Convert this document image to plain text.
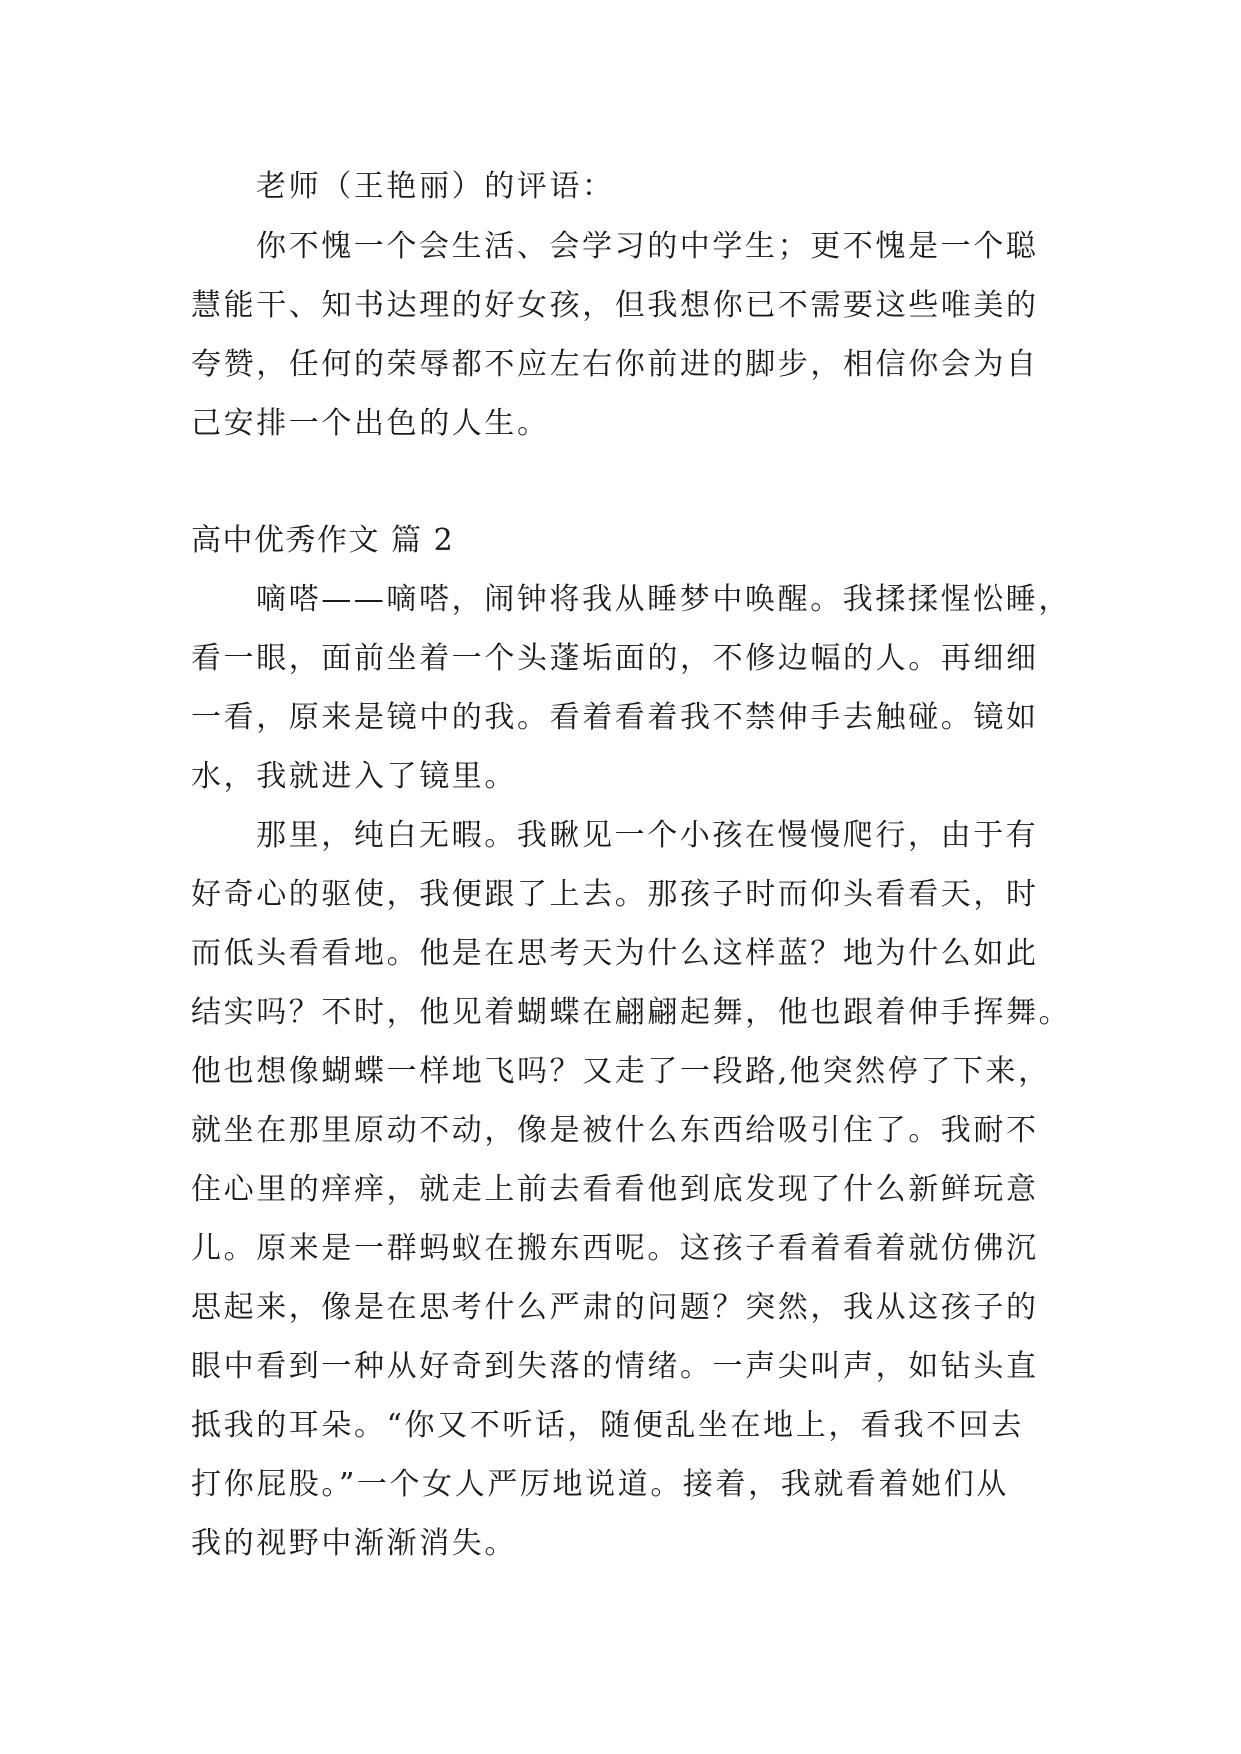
老师（王艳丽）的评语：
你不愧一个会生活、会学习的中学生；更不愧是一个聪
慧能干、知书达理的好女孩，但我想你已不需要这些唯美的
夸赞，任何的荣辱都不应左右你前进的脚步，相信你会为自
己安排一个出色的人生。
高中优秀作文 篇 2
嘀嗒——嘀嗒，闹钟将我从睡梦中唤醒。我揉揉惺忪睡，
看一眼，面前坐着一个头蓬垢面的，不修边幅的人。再细细
一看，原来是镜中的我。看着看着我不禁伸手去触碰。镜如
水，我就进入了镜里。
那里，纯白无暇。我瞅见一个小孩在慢慢爬行，由于有
好奇心的驱使，我便跟了上去。那孩子时而仰头看看天，时
而低头看看地。他是在思考天为什么这样蓝？地为什么如此
结实吗？不时，他见着蝴蝶在翩翩起舞，他也跟着伸手挥舞。
他也想像蝴蝶一样地飞吗？又走了一段路,他突然停了下来，
就坐在那里原动不动，像是被什么东西给吸引住了。我耐不
住心里的痒痒，就走上前去看看他到底发现了什么新鲜玩意
儿。原来是一群蚂蚁在搬东西呢。这孩子看着看着就仿佛沉
思起来，像是在思考什么严肃的问题？突然，我从这孩子的
眼中看到一种从好奇到失落的情绪。一声尖叫声，如钻头直
抵我的耳朵。“你又不听话，随便乱坐在地上，看我不回去
打你屁股。”一个女人严厉地说道。接着，我就看着她们从
我的视野中渐渐消失。
